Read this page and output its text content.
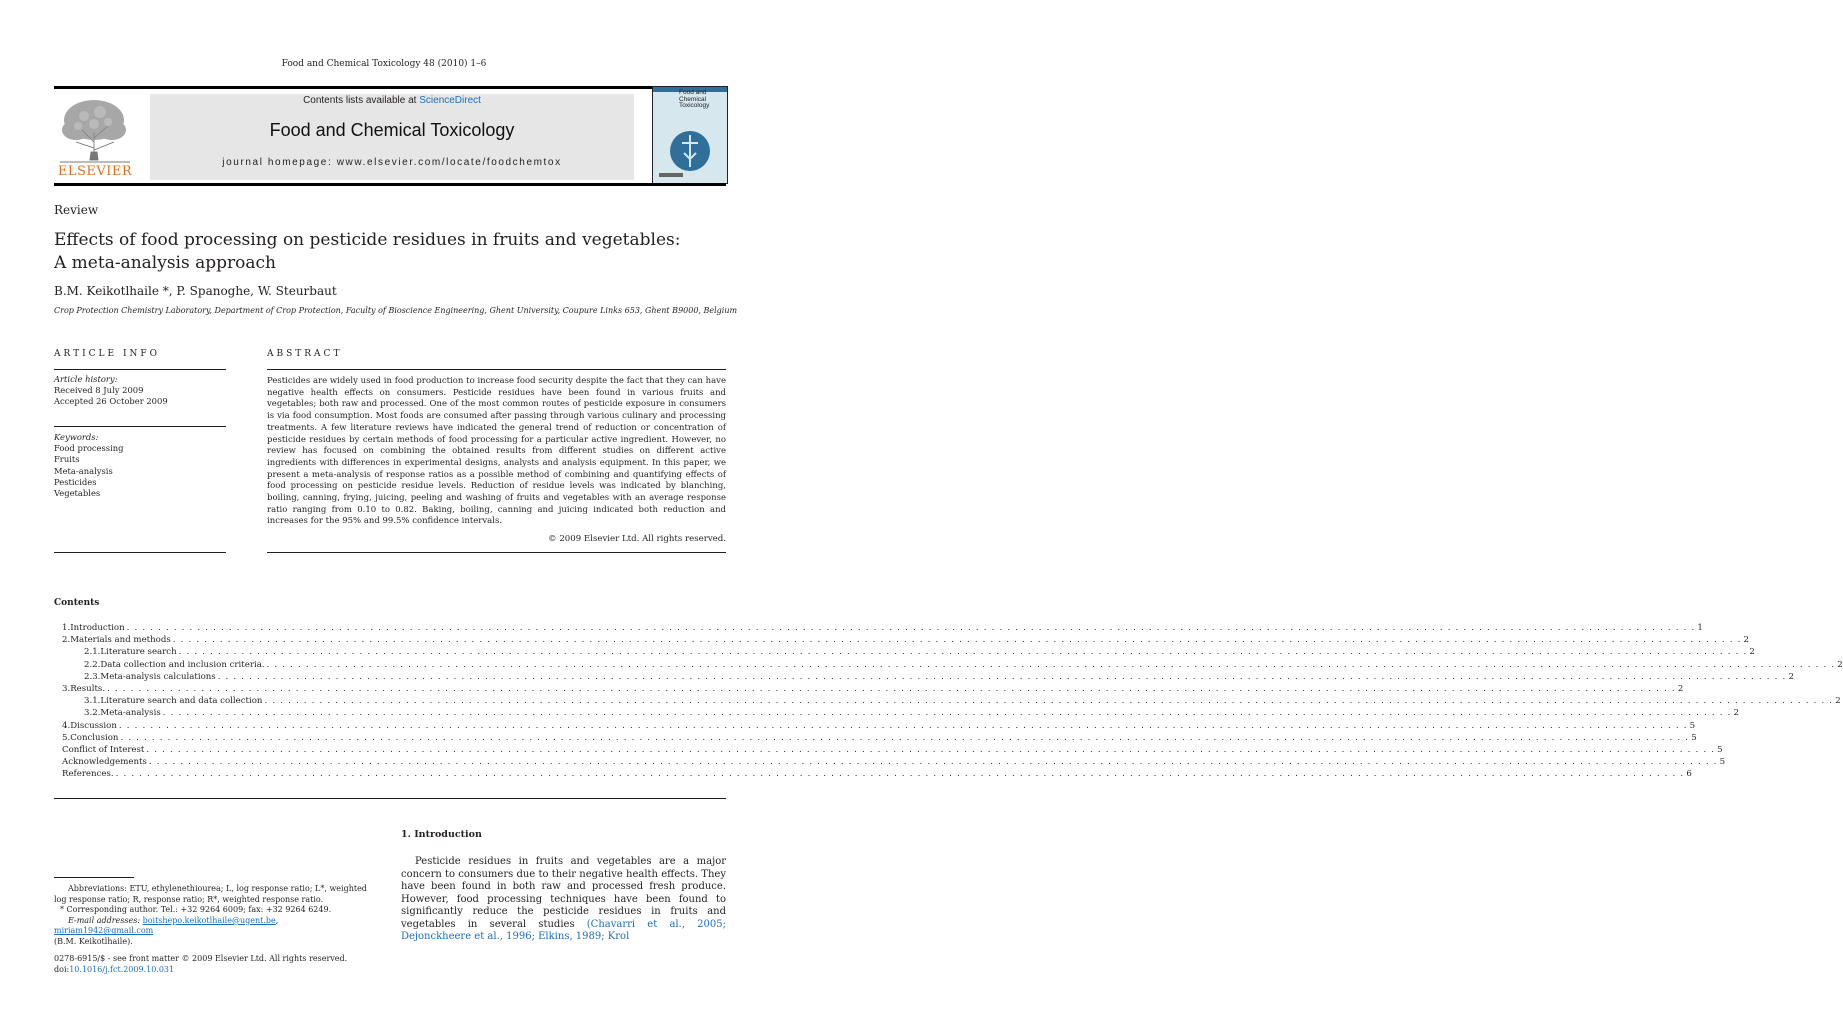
Food and Chemical Toxicology 48 (2010) 1–6
ELSEVIER
Contents lists available at ScienceDirect
Food and Chemical Toxicology
journal homepage: www.elsevier.com/locate/foodchemtox
Food and
Chemical
Toxicology
Review
Effects of food processing on pesticide residues in fruits and vegetables:
A meta-analysis approach
B.M. Keikotlhaile *, P. Spanoghe, W. Steurbaut
Crop Protection Chemistry Laboratory, Department of Crop Protection, Faculty of Bioscience Engineering, Ghent University, Coupure Links 653, Ghent B9000, Belgium
ARTICLE INFO
Article history:
Received 8 July 2009
Accepted 26 October 2009
Keywords:
Food processing
Fruits
Meta-analysis
Pesticides
Vegetables
ABSTRACT
Pesticides are widely used in food production to increase food security despite the fact that they can have negative health effects on consumers. Pesticide residues have been found in various fruits and vegetables; both raw and processed. One of the most common routes of pesticide exposure in consumers is via food consumption. Most foods are consumed after passing through various culinary and processing treatments. A few literature reviews have indicated the general trend of reduction or concentration of pesticide residues by certain methods of food processing for a particular active ingredient. However, no review has focused on combining the obtained results from different studies on different active ingredients with differences in experimental designs, analysts and analysis equipment. In this paper, we present a meta-analysis of response ratios as a possible method of combining and quantifying effects of food processing on pesticide residue levels. Reduction of residue levels was indicated by blanching, boiling, canning, frying, juicing, peeling and washing of fruits and vegetables with an average response ratio ranging from 0.10 to 0.82. Baking, boiling, canning and juicing indicated both reduction and increases for the 95% and 99.5% confidence intervals.
© 2009 Elsevier Ltd. All rights reserved.
Contents
1. Introduction . . . . . . . . . . . . . . . . . . . . . . . . . . . . . . . . . . . . . . . . . . . . . . . . . . . . . . . . . . . . . . . . . . . . . . . . . . . . . . . . . . . . . . . . . . . . . . . . . . . . . . . . . . . . . . . . . . . . . . . . . . . . . . . . . . . . . . . . . . . . . . . . . . . . . . . . . . . . . . . . . . . . . . . . . . . . . . . . . . . . . . . . . . . . . . . . . . . . . . . . 1
2. Materials and methods . . . . . . . . . . . . . . . . . . . . . . . . . . . . . . . . . . . . . . . . . . . . . . . . . . . . . . . . . . . . . . . . . . . . . . . . . . . . . . . . . . . . . . . . . . . . . . . . . . . . . . . . . . . . . . . . . . . . . . . . . . . . . . . . . . . . . . . . . . . . . . . . . . . . . . . . . . . . . . . . . . . . . . . . . . . . . . . . . . . . . . . . . . . . . . . . . . . . . . . . 2
2.1. Literature search . . . . . . . . . . . . . . . . . . . . . . . . . . . . . . . . . . . . . . . . . . . . . . . . . . . . . . . . . . . . . . . . . . . . . . . . . . . . . . . . . . . . . . . . . . . . . . . . . . . . . . . . . . . . . . . . . . . . . . . . . . . . . . . . . . . . . . . . . . . . . . . . . . . . . . . . . . . . . . . . . . . . . . . . . . . . . . . . . . . . . . . . . . . . . . . . . . . . . . . . 2
2.2. Data collection and inclusion criteria. . . . . . . . . . . . . . . . . . . . . . . . . . . . . . . . . . . . . . . . . . . . . . . . . . . . . . . . . . . . . . . . . . . . . . . . . . . . . . . . . . . . . . . . . . . . . . . . . . . . . . . . . . . . . . . . . . . . . . . . . . . . . . . . . . . . . . . . . . . . . . . . . . . . . . . . . . . . . . . . . . . . . . . . . . . . . . . . . . . . . . . . . . . . . . . . . . . . . . . . . 2
2.3. Meta-analysis calculations . . . . . . . . . . . . . . . . . . . . . . . . . . . . . . . . . . . . . . . . . . . . . . . . . . . . . . . . . . . . . . . . . . . . . . . . . . . . . . . . . . . . . . . . . . . . . . . . . . . . . . . . . . . . . . . . . . . . . . . . . . . . . . . . . . . . . . . . . . . . . . . . . . . . . . . . . . . . . . . . . . . . . . . . . . . . . . . . . . . . . . . . . . . . . . . . . . . . . . . . 2
3. Results. . . . . . . . . . . . . . . . . . . . . . . . . . . . . . . . . . . . . . . . . . . . . . . . . . . . . . . . . . . . . . . . . . . . . . . . . . . . . . . . . . . . . . . . . . . . . . . . . . . . . . . . . . . . . . . . . . . . . . . . . . . . . . . . . . . . . . . . . . . . . . . . . . . . . . . . . . . . . . . . . . . . . . . . . . . . . . . . . . . . . . . . . . . . . . . . . . . . . . . . . 2
3.1. Literature search and data collection . . . . . . . . . . . . . . . . . . . . . . . . . . . . . . . . . . . . . . . . . . . . . . . . . . . . . . . . . . . . . . . . . . . . . . . . . . . . . . . . . . . . . . . . . . . . . . . . . . . . . . . . . . . . . . . . . . . . . . . . . . . . . . . . . . . . . . . . . . . . . . . . . . . . . . . . . . . . . . . . . . . . . . . . . . . . . . . . . . . . . . . . . . . . . . . . . . . . . . . . 2
3.2. Meta-analysis . . . . . . . . . . . . . . . . . . . . . . . . . . . . . . . . . . . . . . . . . . . . . . . . . . . . . . . . . . . . . . . . . . . . . . . . . . . . . . . . . . . . . . . . . . . . . . . . . . . . . . . . . . . . . . . . . . . . . . . . . . . . . . . . . . . . . . . . . . . . . . . . . . . . . . . . . . . . . . . . . . . . . . . . . . . . . . . . . . . . . . . . . . . . . . . . . . . . . . . . 2
4. Discussion . . . . . . . . . . . . . . . . . . . . . . . . . . . . . . . . . . . . . . . . . . . . . . . . . . . . . . . . . . . . . . . . . . . . . . . . . . . . . . . . . . . . . . . . . . . . . . . . . . . . . . . . . . . . . . . . . . . . . . . . . . . . . . . . . . . . . . . . . . . . . . . . . . . . . . . . . . . . . . . . . . . . . . . . . . . . . . . . . . . . . . . . . . . . . . . . . . . . . . . . 5
5. Conclusion . . . . . . . . . . . . . . . . . . . . . . . . . . . . . . . . . . . . . . . . . . . . . . . . . . . . . . . . . . . . . . . . . . . . . . . . . . . . . . . . . . . . . . . . . . . . . . . . . . . . . . . . . . . . . . . . . . . . . . . . . . . . . . . . . . . . . . . . . . . . . . . . . . . . . . . . . . . . . . . . . . . . . . . . . . . . . . . . . . . . . . . . . . . . . . . . . . . . . . . . 5
Conflict of Interest . . . . . . . . . . . . . . . . . . . . . . . . . . . . . . . . . . . . . . . . . . . . . . . . . . . . . . . . . . . . . . . . . . . . . . . . . . . . . . . . . . . . . . . . . . . . . . . . . . . . . . . . . . . . . . . . . . . . . . . . . . . . . . . . . . . . . . . . . . . . . . . . . . . . . . . . . . . . . . . . . . . . . . . . . . . . . . . . . . . . . . . . . . . . . . . . . . . . . . . . 5
Acknowledgements . . . . . . . . . . . . . . . . . . . . . . . . . . . . . . . . . . . . . . . . . . . . . . . . . . . . . . . . . . . . . . . . . . . . . . . . . . . . . . . . . . . . . . . . . . . . . . . . . . . . . . . . . . . . . . . . . . . . . . . . . . . . . . . . . . . . . . . . . . . . . . . . . . . . . . . . . . . . . . . . . . . . . . . . . . . . . . . . . . . . . . . . . . . . . . . . . . . . . . . . 5
References. . . . . . . . . . . . . . . . . . . . . . . . . . . . . . . . . . . . . . . . . . . . . . . . . . . . . . . . . . . . . . . . . . . . . . . . . . . . . . . . . . . . . . . . . . . . . . . . . . . . . . . . . . . . . . . . . . . . . . . . . . . . . . . . . . . . . . . . . . . . . . . . . . . . . . . . . . . . . . . . . . . . . . . . . . . . . . . . . . . . . . . . . . . . . . . . . . . . . . . . . 6
1. Introduction
Pesticide residues in fruits and vegetables are a major concern to consumers due to their negative health effects. They have been found in both raw and processed fresh produce. However, food processing techniques have been found to significantly reduce the pesticide residues in fruits and vegetables in several studies (Chavarri et al., 2005; Dejonckheere et al., 1996; Elkins, 1989; Krol
Abbreviations: ETU, ethylenethiourea; L, log response ratio; L*, weighted log response ratio; R, response ratio; R*, weighted response ratio.
* Corresponding author. Tel.: +32 9264 6009; fax: +32 9264 6249.
E-mail addresses: boitshepo.keikotlhaile@ugent.be, miriam1942@gmail.com
(B.M. Keikotlhaile).
0278-6915/$ - see front matter © 2009 Elsevier Ltd. All rights reserved.
doi:10.1016/j.fct.2009.10.031
